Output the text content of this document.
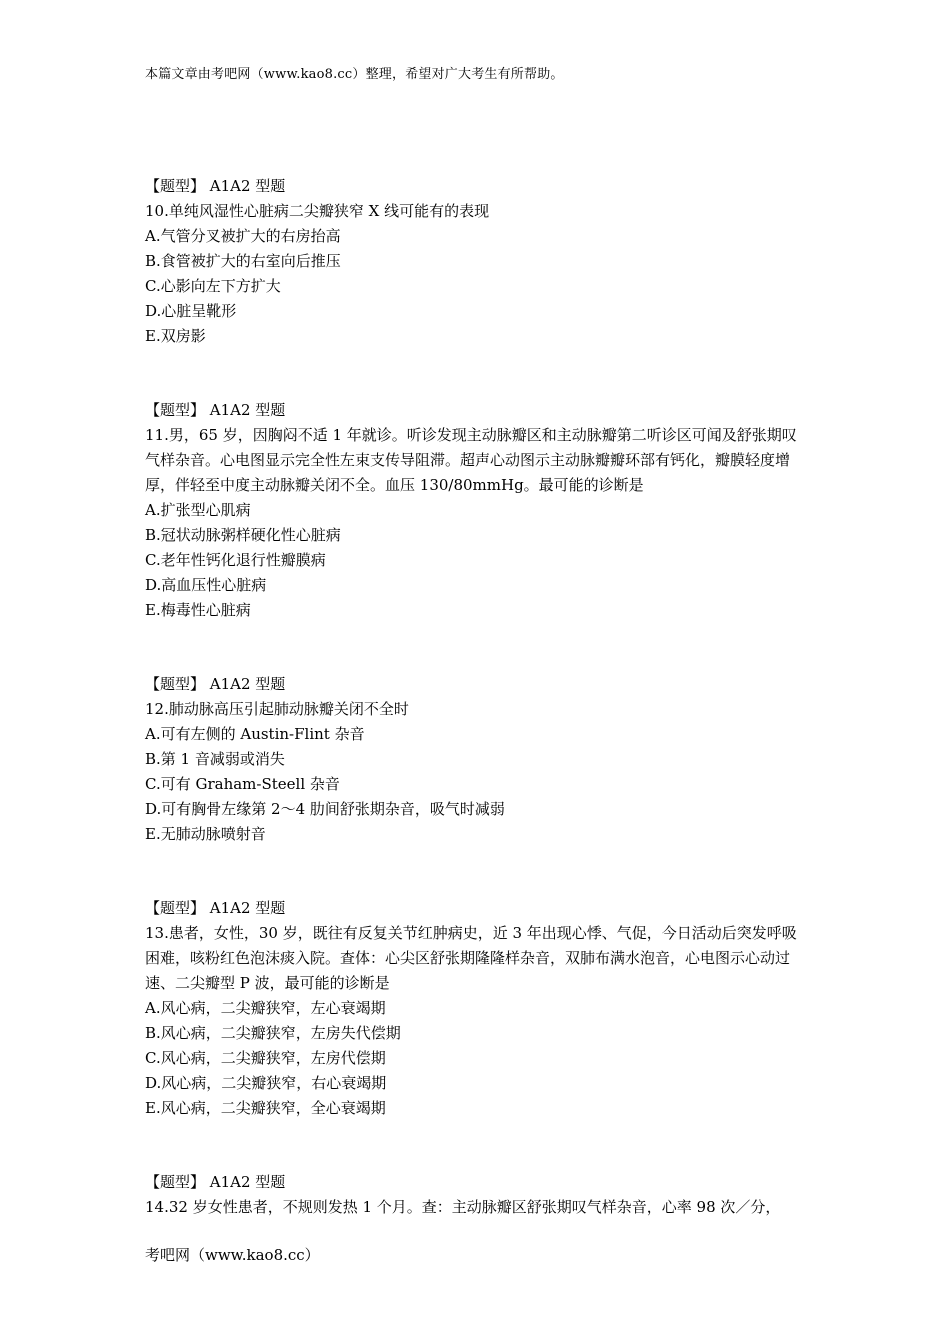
本篇文章由考吧网（www.kao8.cc）整理，希望对广大考生有所帮助。
【题型】 A1A2 型题
10.单纯风湿性心脏病二尖瓣狭窄 X 线可能有的表现
A.气管分叉被扩大的右房抬高
B.食管被扩大的右室向后推压
C.心影向左下方扩大
D.心脏呈靴形
E.双房影
【题型】 A1A2 型题
11.男，65 岁，因胸闷不适 1 年就诊。听诊发现主动脉瓣区和主动脉瓣第二听诊区可闻及舒张期叹气样杂音。心电图显示完全性左束支传导阻滞。超声心动图示主动脉瓣瓣环部有钙化，瓣膜轻度增厚，伴轻至中度主动脉瓣关闭不全。血压 130/80mmHg。最可能的诊断是
A.扩张型心肌病
B.冠状动脉粥样硬化性心脏病
C.老年性钙化退行性瓣膜病
D.高血压性心脏病
E.梅毒性心脏病
【题型】 A1A2 型题
12.肺动脉高压引起肺动脉瓣关闭不全时
A.可有左侧的 Austin-Flint 杂音
B.第 1 音减弱或消失
C.可有 Graham-Steell 杂音
D.可有胸骨左缘第 2～4 肋间舒张期杂音，吸气时减弱
E.无肺动脉喷射音
【题型】 A1A2 型题
13.患者，女性，30 岁，既往有反复关节红肿病史，近 3 年出现心悸、气促，今日活动后突发呼吸困难，咳粉红色泡沫痰入院。查体：心尖区舒张期隆隆样杂音，双肺布满水泡音，心电图示心动过速、二尖瓣型 P 波，最可能的诊断是
A.风心病，二尖瓣狭窄，左心衰竭期
B.风心病，二尖瓣狭窄，左房失代偿期
C.风心病，二尖瓣狭窄，左房代偿期
D.风心病，二尖瓣狭窄，右心衰竭期
E.风心病，二尖瓣狭窄，全心衰竭期
【题型】 A1A2 型题
14.32 岁女性患者，不规则发热 1 个月。查：主动脉瓣区舒张期叹气样杂音，心率 98 次／分，
考吧网（www.kao8.cc）
